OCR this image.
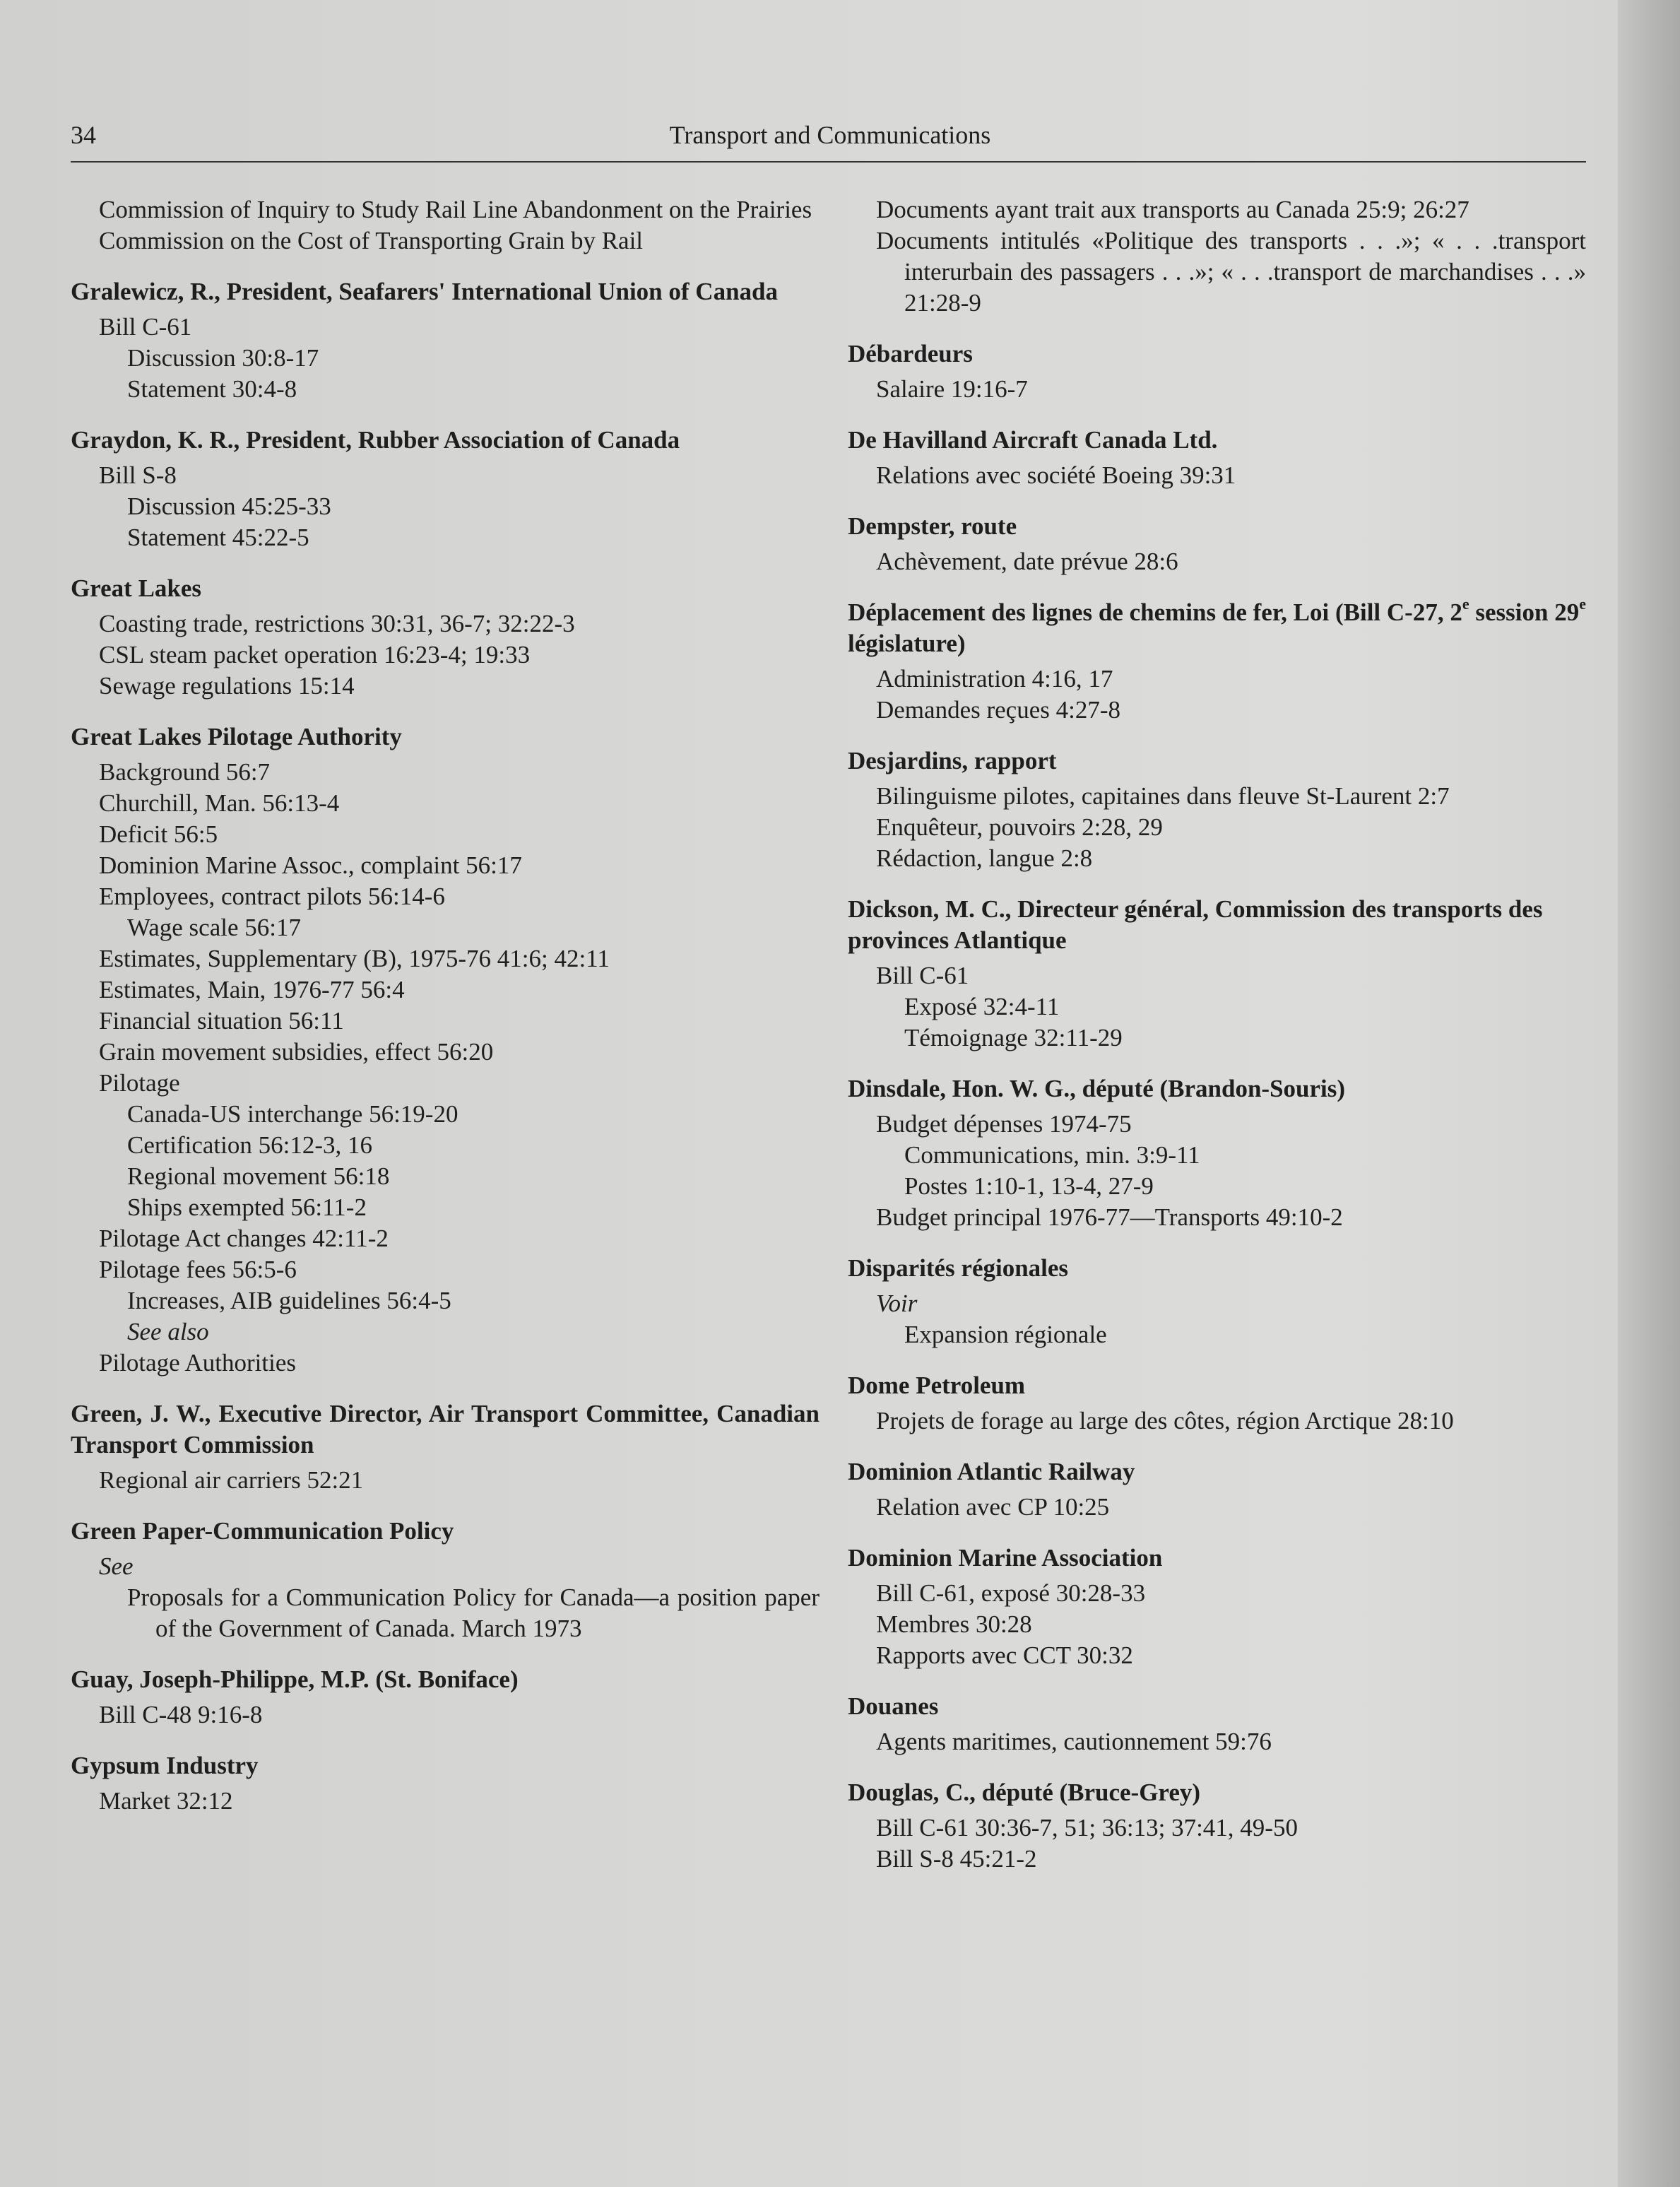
34	Transport and Communications
Commission of Inquiry to Study Rail Line Abandonment on the Prairies
Commission on the Cost of Transporting Grain by Rail
Gralewicz, R., President, Seafarers' International Union of Canada
Bill C-61
Discussion 30:8-17
Statement 30:4-8
Graydon, K. R., President, Rubber Association of Canada
Bill S-8
Discussion 45:25-33
Statement 45:22-5
Great Lakes
Coasting trade, restrictions 30:31, 36-7; 32:22-3
CSL steam packet operation 16:23-4; 19:33
Sewage regulations 15:14
Great Lakes Pilotage Authority
Background 56:7
Churchill, Man. 56:13-4
Deficit 56:5
Dominion Marine Assoc., complaint 56:17
Employees, contract pilots 56:14-6
Wage scale 56:17
Estimates, Supplementary (B), 1975-76 41:6; 42:11
Estimates, Main, 1976-77 56:4
Financial situation 56:11
Grain movement subsidies, effect 56:20
Pilotage
Canada-US interchange 56:19-20
Certification 56:12-3, 16
Regional movement 56:18
Ships exempted 56:11-2
Pilotage Act changes 42:11-2
Pilotage fees 56:5-6
Increases, AIB guidelines 56:4-5
See also
Pilotage Authorities
Green, J. W., Executive Director, Air Transport Committee, Canadian Transport Commission
Regional air carriers 52:21
Green Paper-Communication Policy
See
Proposals for a Communication Policy for Canada—a position paper of the Government of Canada. March 1973
Guay, Joseph-Philippe, M.P. (St. Boniface)
Bill C-48 9:16-8
Gypsum Industry
Market 32:12
Documents ayant trait aux transports au Canada 25:9; 26:27
Documents intitulés «Politique des transports . . .»; « . . .transport interurbain des passagers . . .»; « . . .transport de marchandises . . .» 21:28-9
Débardeurs
Salaire 19:16-7
De Havilland Aircraft Canada Ltd.
Relations avec société Boeing 39:31
Dempster, route
Achèvement, date prévue 28:6
Déplacement des lignes de chemins de fer, Loi (Bill C-27, 2e session 29e législature)
Administration 4:16, 17
Demandes reçues 4:27-8
Desjardins, rapport
Bilinguisme pilotes, capitaines dans fleuve St-Laurent 2:7
Enquêteur, pouvoirs 2:28, 29
Rédaction, langue 2:8
Dickson, M. C., Directeur général, Commission des transports des provinces Atlantique
Bill C-61
Exposé 32:4-11
Témoignage 32:11-29
Dinsdale, Hon. W. G., député (Brandon-Souris)
Budget dépenses 1974-75
Communications, min. 3:9-11
Postes 1:10-1, 13-4, 27-9
Budget principal 1976-77—Transports 49:10-2
Disparités régionales
Voir
Expansion régionale
Dome Petroleum
Projets de forage au large des côtes, région Arctique 28:10
Dominion Atlantic Railway
Relation avec CP 10:25
Dominion Marine Association
Bill C-61, exposé 30:28-33
Membres 30:28
Rapports avec CCT 30:32
Douanes
Agents maritimes, cautionnement 59:76
Douglas, C., député (Bruce-Grey)
Bill C-61 30:36-7, 51; 36:13; 37:41, 49-50
Bill S-8 45:21-2
